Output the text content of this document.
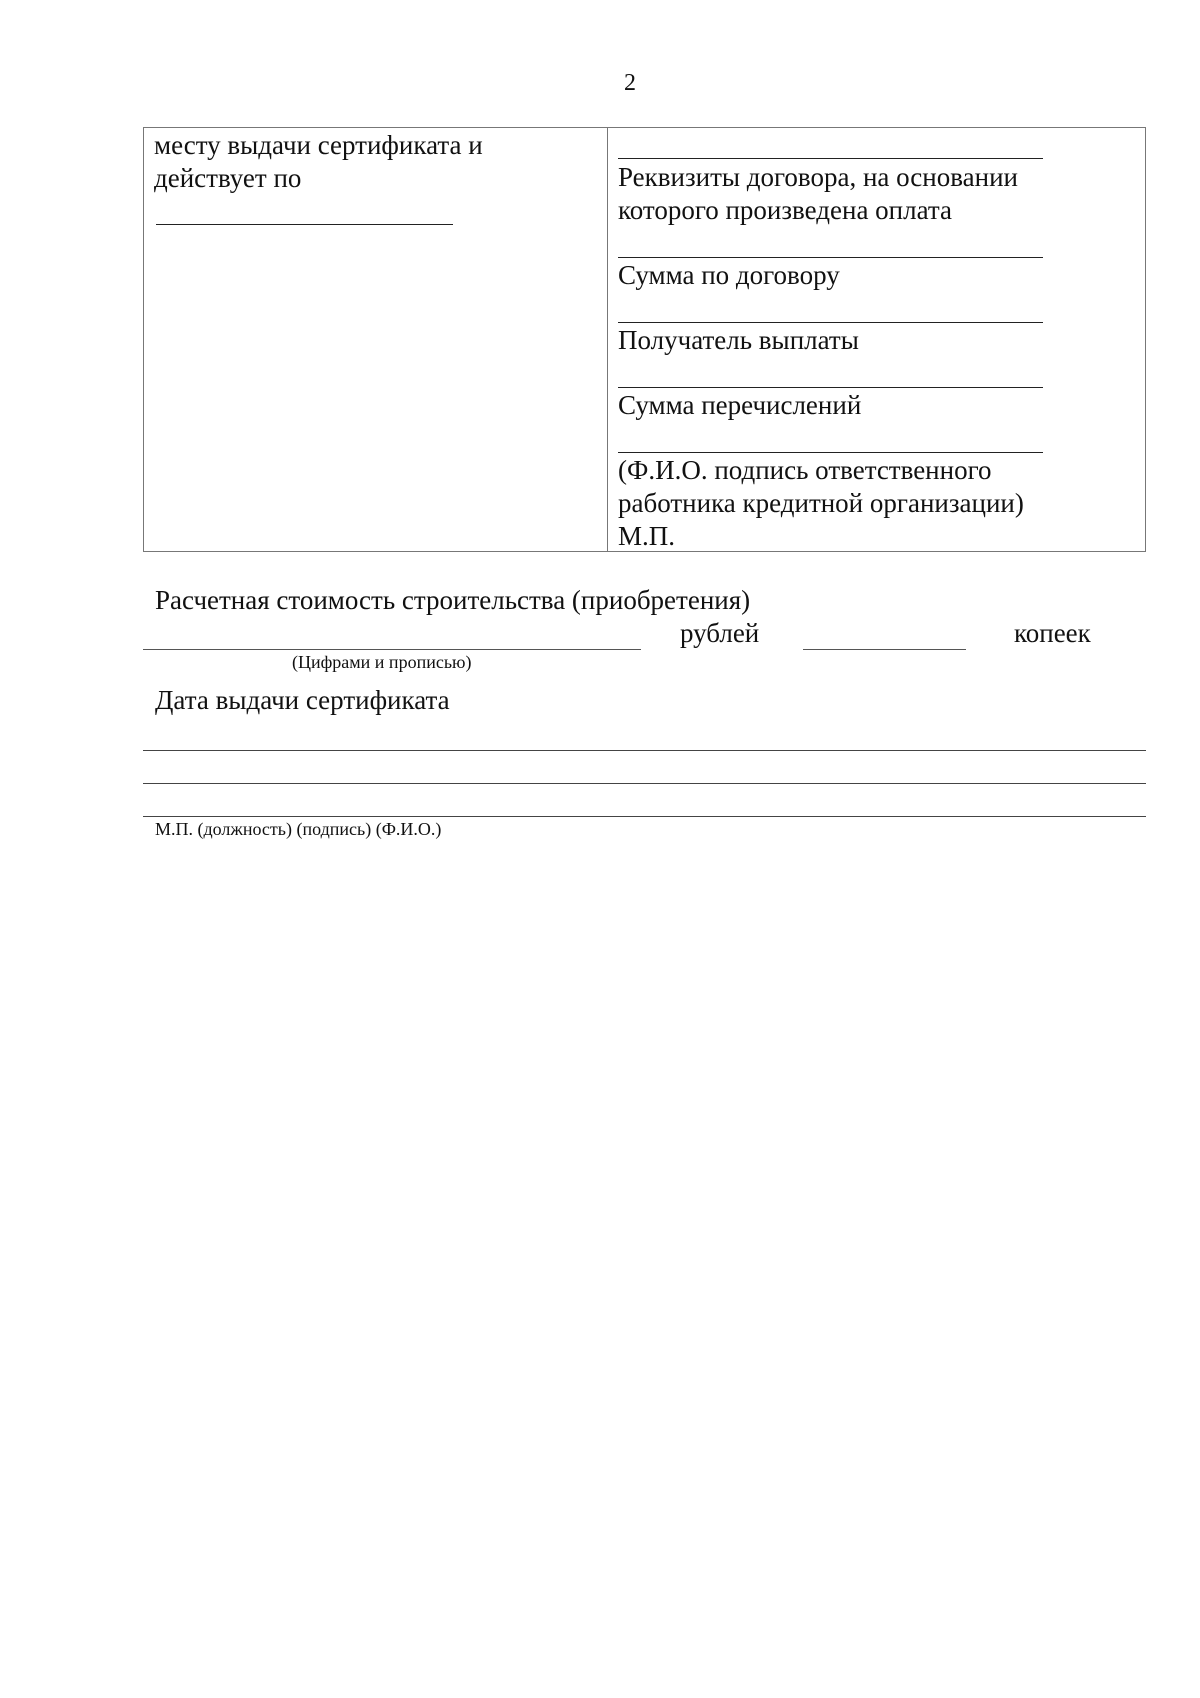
2
месту выдачи сертификата и
действует по	Реквизиты договора, на основании
которого произведена оплата
Сумма по договору
Получатель выплаты
Сумма перечислений
(Ф.И.О. подпись ответственного
работника кредитной организации)
М.П.
Расчетная стоимость строительства (приобретения)
рублей	копеек
(Цифрами и прописью)
Дата выдачи сертификата
М.П. (должность) (подпись) (Ф.И.О.)
